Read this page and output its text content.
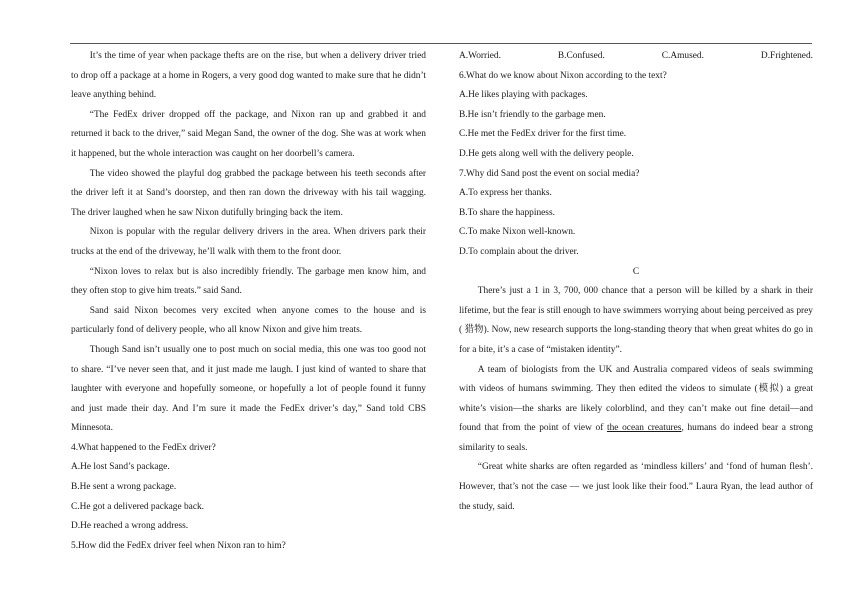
It’s the time of year when package thefts are on the rise, but when a delivery driver tried to drop off a package at a home in Rogers, a very good dog wanted to make sure that he didn’t leave anything behind.

“The FedEx driver dropped off the package, and Nixon ran up and grabbed it and returned it back to the driver,” said Megan Sand, the owner of the dog. She was at work when it happened, but the whole interaction was caught on her doorbell’s camera.

The video showed the playful dog grabbed the package between his teeth seconds after the driver left it at Sand’s doorstep, and then ran down the driveway with his tail wagging. The driver laughed when he saw Nixon dutifully bringing back the item.

Nixon is popular with the regular delivery drivers in the area. When drivers park their trucks at the end of the driveway, he’ll walk with them to the front door.

“Nixon loves to relax but is also incredibly friendly. The garbage men know him, and they often stop to give him treats.” said Sand.

Sand said Nixon becomes very excited when anyone comes to the house and is particularly fond of delivery people, who all know Nixon and give him treats.

Though Sand isn’t usually one to post much on social media, this one was too good not to share. “I’ve never seen that, and it just made me laugh. I just kind of wanted to share that laughter with everyone and hopefully someone, or hopefully a lot of people found it funny and just made their day. And I’m sure it made the FedEx driver’s day,” Sand told CBS Minnesota.

4.What happened to the FedEx driver?

A.He lost Sand’s package.

B.He sent a wrong package.

C.He got a delivered package back.

D.He reached a wrong address.

5.How did the FedEx driver feel when Nixon ran to him?

A.Worried.	B.Confused.	C.Amused.	D.Frightened.

6.What do we know about Nixon according to the text?

A.He likes playing with packages.

B.He isn’t friendly to the garbage men.

C.He met the FedEx driver for the first time.

D.He gets along well with the delivery people.

7.Why did Sand post the event on social media?

A.To express her thanks.

B.To share the happiness.

C.To make Nixon well-known.

D.To complain about the driver.

C

There’s just a 1 in 3, 700, 000 chance that a person will be killed by a shark in their lifetime, but the fear is still enough to have swimmers worrying about being perceived as prey ( 猎物). Now, new research supports the long-standing theory that when great whites do go in for a bite, it’s a case of “mistaken identity”.

A team of biologists from the UK and Australia compared videos of seals swimming with videos of humans swimming. They then edited the videos to simulate (模拟) a great white’s vision—the sharks are likely colorblind, and they can’t make out fine detail—and found that from the point of view of the ocean creatures, humans do indeed bear a strong similarity to seals.

“Great white sharks are often regarded as ‘mindless killers’ and ‘fond of human flesh’. However, that’s not the case — we just look like their food.” Laura Ryan, the lead author of the study, said.
